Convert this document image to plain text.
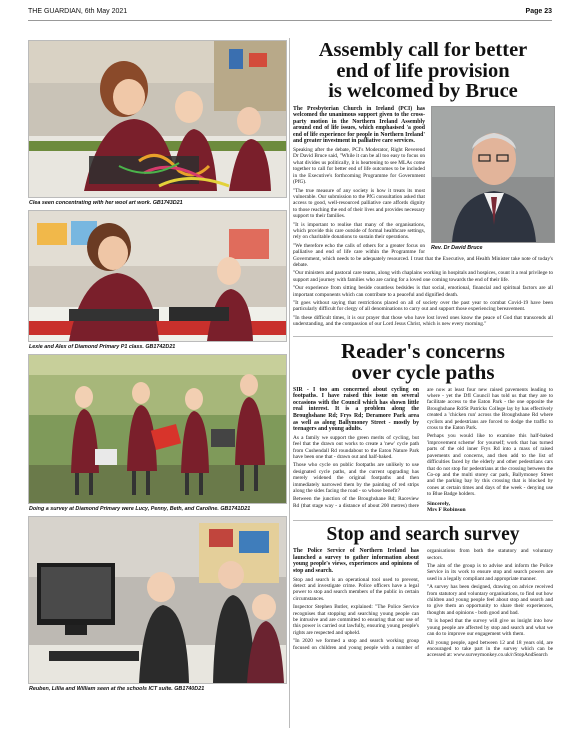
THE GUARDIAN, 6th May 2021	Page 23
Clea seen concentrating with her wool art work. GB1743D21
Lexie and Alex of Diamond Primary P1 class. GB1742D21
Doing a survey at Diamond Primary were Lucy, Penny, Beth, and Caroline. GB1741D21
Reuben, Lillia and William seen at the schools ICT suite. GB1740D21
Assembly call for better
end of life provision
is welcomed by Bruce
Rev. Dr David Bruce

The Presbyterian Church in Ireland (PCI) has welcomed the unanimous support given to the cross-party motion in the Northern Ireland Assembly around end of life issues, which emphasised 'a good end of life experience for people in Northern Ireland' and greater investment in palliative care services.

Speaking after the debate, PCI's Moderator, Right Reverend Dr David Bruce said, "While it can be all too easy to focus on what divides us politically, it is heartening to see MLAs come together to call for better end of life outcomes to be included in the Executive's forthcoming Programme for Government (PfG).

"The true measure of any society is how it treats its most vulnerable. Our submission to the PfG consultation asked that access to good, well-resourced palliative care affords dignity to those reaching the end of their lives and provides necessary support to their families.

"It is important to realise that many of the organisations, which provide this care outside of formal healthcare settings, rely on charitable donations to sustain their operations.

"We therefore echo the calls of others for a greater focus on palliative and end of life care within the Programme for Government, which needs to be adequately resourced. I trust that the Executive, and Health Minister take note of today's debate.

"Our ministers and pastoral care teams, along with chaplains working in hospitals and hospices, count it a real privilege to support and journey with families who are caring for a loved one coming towards the end of their life.

"Our experience from sitting beside countless bedsides is that social, emotional, financial and spiritual factors are all important components which can contribute to a peaceful and dignified death.

"It goes without saying that restrictions placed on all of society over the past year to combat Covid-19 have been particularly difficult for clergy of all denominations to carry out and support those experiencing bereavement.

"In these difficult times, it is our prayer that those who have lost loved ones know the peace of God that transcends all understanding, and the compassion of our Lord Jesus Christ, which is new every morning."

Reader's concerns
over cycle paths

SIR - I too am concerned about cycling on footpaths. I have raised this issue on several occasions with the Council which has shown little real interest. It is a problem along the Broughshane Rd; Frys Rd; Deramore Park area as well as along Ballymoney Street - mostly by teenagers and young adults.

As a family we support the green merits of cycling, but feel that the drawn out works to create a 'new' cycle path from Cushendall Rd roundabout to the Eaton Nature Park have been one that - drawn out and half-baked.

Those who cycle on public footpaths are unlikely to use designated cycle paths, and the current upgrading has merely widened the original footpaths and then immediately narrowed them by the painting of red strips along the sides facing the road - so whose benefit?

Between the junction of the Broughshane Rd; Raceview Rd (that stage way - a distance of about 200 metres) there are now at least four new raised pavements leading to where - yet the DfI Council has told us that they are to facilitate access to the Eaton Park - the one opposite the Broughshane Rd/St Patricks College lay by has effectively created a 'chicken run' across the Broughshane Rd where cyclists and pedestrians are forced to dodge the traffic to cross to the Eaton Park.

Perhaps you would like to examine this half-baked 'improvement scheme' for yourself; work that has turned parts of the old inner Frys Rd into a mass of raised pavements and concerns, and then add to the list of difficulties faced by the elderly and other pedestrians cars that do not stop for pedestrians at the crossing between the Co-op and the multi storey car park, Ballymoney Street and the parking bay by this crossing that is blocked by cones at certain times and days of the week - denying use to Blue Badge holders.

Sincerely,
Mrs F Robinson
Stop and search survey

The Police Service of Northern Ireland has launched a survey to gather information about young people's views, experiences and opinions of stop and search.

Stop and search is an operational tool used to prevent, detect and investigate crime. Police officers have a legal power to stop and search members of the public in certain circumstances.

Inspector Stephen Butler, explained: "The Police Service recognises that stopping and searching young people can be intrusive and are committed to ensuring that our use of this power is carried out lawfully, ensuring young people's rights are respected and upheld.

"In 2020 we formed a stop and search working group focused on children and young people with a number of organisations from both the statutory and voluntary sectors.

The aim of the group is to advise and inform the Police Service in its work to ensure stop and search powers are used in a legally compliant and appropriate manner.

"A survey has been designed, drawing on advice received from statutory and voluntary organisations, to find out how children and young people feel about stop and search and to give them an opportunity to share their experiences, thoughts and opinions - both good and bad.

"It is hoped that the survey will give us insight into how young people are affected by stop and search and what we can do to improve our engagement with them.

All young people, aged between 12 and 18 years old, are encouraged to take part in the survey which can be accessed at: www.surveymonkey.co.uk/r/StopAndSearch
